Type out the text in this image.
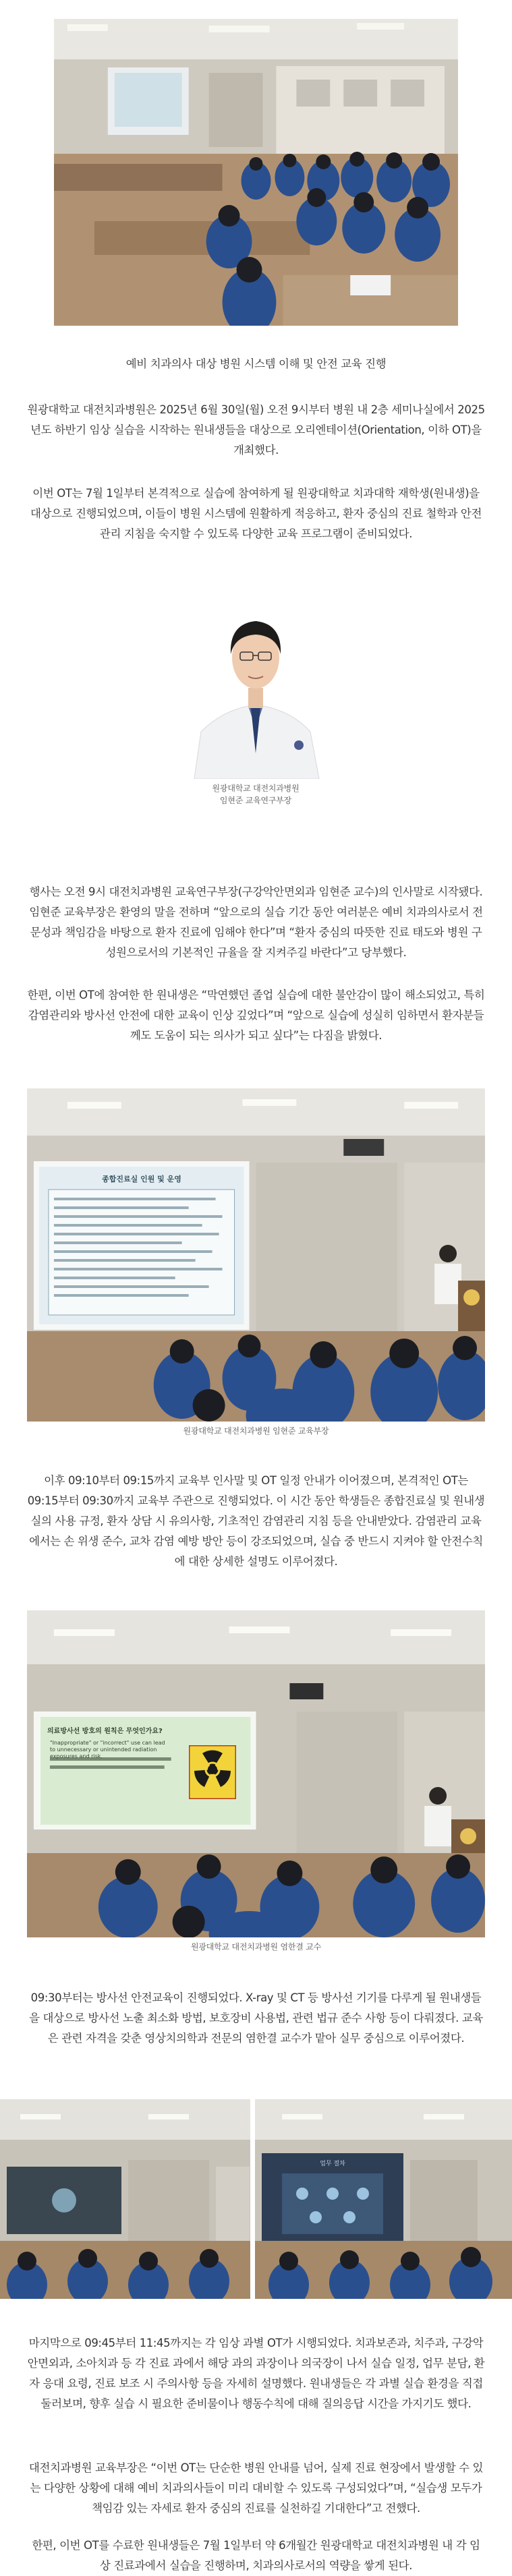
예비 치과의사 대상 병원 시스템 이해 및 안전 교육 진행

원광대학교 대전치과병원은 2025년 6월 30일(월) 오전 9시부터 병원 내 2층 세미나실에서 2025년도 하반기 임상 실습을 시작하는 원내생들을 대상으로 오리엔테이션(Orientation, 이하 OT)을 개최했다.

이번 OT는 7월 1일부터 본격적으로 실습에 참여하게 될 원광대학교 치과대학 재학생(원내생)을 대상으로 진행되었으며, 이들이 병원 시스템에 원활하게 적응하고, 환자 중심의 진료 철학과 안전관리 지침을 숙지할 수 있도록 다양한 교육 프로그램이 준비되었다.

원광대학교 대전치과병원
임현준 교육연구부장

행사는 오전 9시 대전치과병원 교육연구부장(구강악안면외과 임현준 교수)의 인사말로 시작됐다. 임현준 교육부장은 환영의 말을 전하며 “앞으로의 실습 기간 동안 여러분은 예비 치과의사로서 전문성과 책임감을 바탕으로 환자 진료에 임해야 한다”며 “환자 중심의 따뜻한 진료 태도와 병원 구성원으로서의 기본적인 규율을 잘 지켜주길 바란다”고 당부했다.

한편, 이번 OT에 참여한 한 원내생은 “막연했던 졸업 실습에 대한 불안감이 많이 해소되었고, 특히 감염관리와 방사선 안전에 대한 교육이 인상 깊었다”며 “앞으로 실습에 성실히 임하면서 환자분들께도 도움이 되는 의사가 되고 싶다”는 다짐을 밝혔다.

종합진료실 인원 및 운영
원광대학교 대전치과병원 임현준 교육부장

이후 09:10부터 09:15까지 교육부 인사말 및 OT 일정 안내가 이어졌으며, 본격적인 OT는 09:15부터 09:30까지 교육부 주관으로 진행되었다. 이 시간 동안 학생들은 종합진료실 및 원내생실의 사용 규정, 환자 상담 시 유의사항, 기초적인 감염관리 지침 등을 안내받았다. 감염관리 교육에서는 손 위생 준수, 교차 감염 예방 방안 등이 강조되었으며, 실습 중 반드시 지켜야 할 안전수칙에 대한 상세한 설명도 이루어졌다.

의료방사선 방호의 원칙은 무엇인가요?
"Inappropriate" or "incorrect" use can lead to unnecessary or unintended radiation exposures and risk.
원광대학교 대전치과병원 염한결 교수

09:30부터는 방사선 안전교육이 진행되었다. X-ray 및 CT 등 방사선 기기를 다루게 될 원내생들을 대상으로 방사선 노출 최소화 방법, 보호장비 사용법, 관련 법규 준수 사항 등이 다뤄졌다. 교육은 관련 자격을 갖춘 영상치의학과 전문의 염한결 교수가 맡아 실무 중심으로 이루어졌다.

업무 절차

마지막으로 09:45부터 11:45까지는 각 임상 과별 OT가 시행되었다. 치과보존과, 치주과, 구강악안면외과, 소아치과 등 각 진료 과에서 해당 과의 과장이나 의국장이 나서 실습 일정, 업무 분담, 환자 응대 요령, 진료 보조 시 주의사항 등을 자세히 설명했다. 원내생들은 각 과별 실습 환경을 직접 둘러보며, 향후 실습 시 필요한 준비물이나 행동수칙에 대해 질의응답 시간을 가지기도 했다.

대전치과병원 교육부장은 “이번 OT는 단순한 병원 안내를 넘어, 실제 진료 현장에서 발생할 수 있는 다양한 상황에 대해 예비 치과의사들이 미리 대비할 수 있도록 구성되었다”며, “실습생 모두가 책임감 있는 자세로 환자 중심의 진료를 실천하길 기대한다”고 전했다.

한편, 이번 OT를 수료한 원내생들은 7월 1일부터 약 6개월간 원광대학교 대전치과병원 내 각 임상 진료과에서 실습을 진행하며, 치과의사로서의 역량을 쌓게 된다.
